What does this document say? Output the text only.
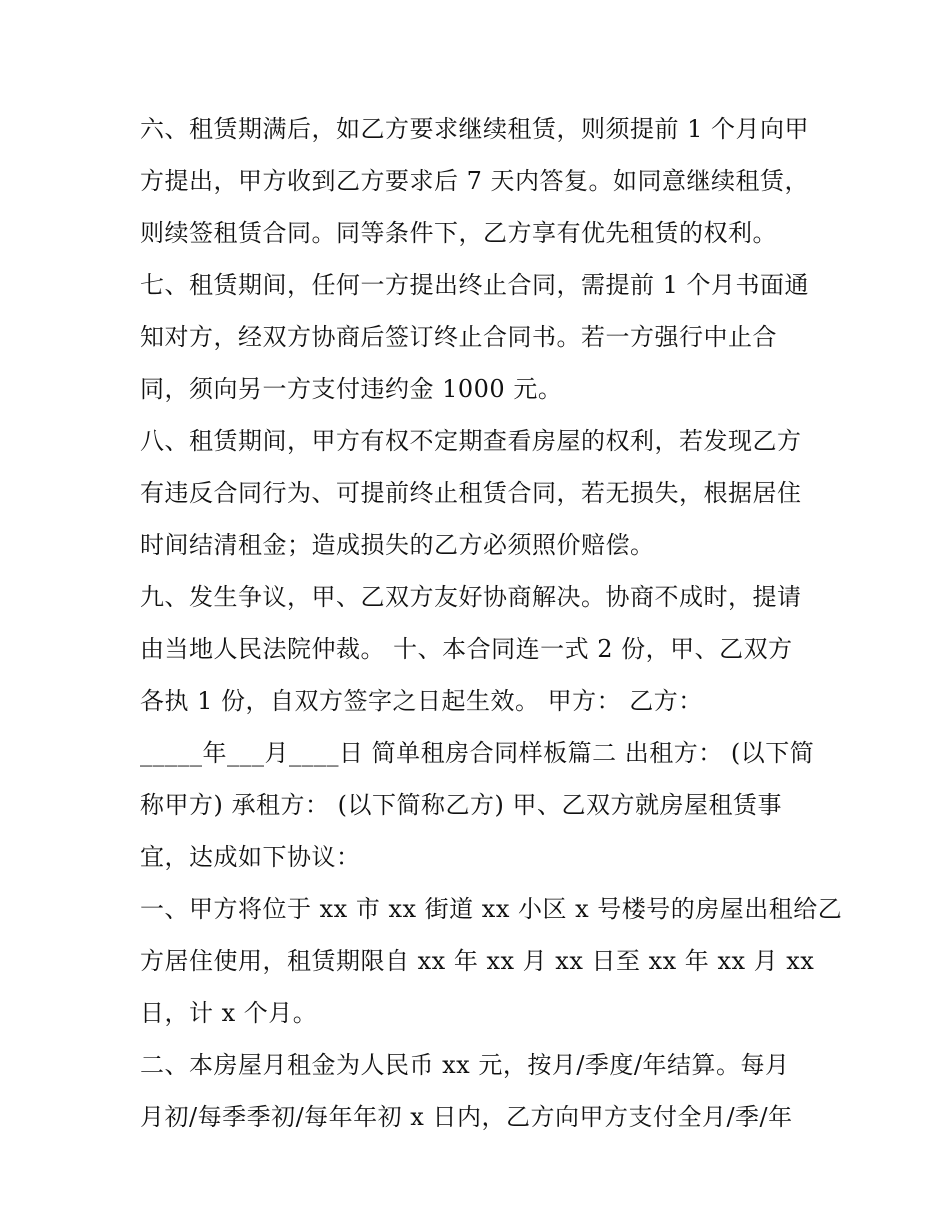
六、租赁期满后，如乙方要求继续租赁，则须提前 1 个月向甲
方提出，甲方收到乙方要求后 7 天内答复。如同意继续租赁，
则续签租赁合同。同等条件下，乙方享有优先租赁的权利。
七、租赁期间，任何一方提出终止合同，需提前 1 个月书面通
知对方，经双方协商后签订终止合同书。若一方强行中止合
同，须向另一方支付违约金 1000 元。
八、租赁期间，甲方有权不定期查看房屋的权利，若发现乙方
有违反合同行为、可提前终止租赁合同，若无损失，根据居住
时间结清租金；造成损失的乙方必须照价赔偿。
九、发生争议，甲、乙双方友好协商解决。协商不成时，提请
由当地人民法院仲裁。 十、本合同连一式 2 份，甲、乙双方
各执 1 份，自双方签字之日起生效。 甲方： 乙方：
_____年___月____日 简单租房合同样板篇二 出租方： (以下简
称甲方) 承租方： (以下简称乙方) 甲、乙双方就房屋租赁事
宜，达成如下协议：
一、甲方将位于 xx 市 xx 街道 xx 小区 x 号楼号的房屋出租给乙
方居住使用，租赁期限自 xx 年 xx 月 xx 日至 xx 年 xx 月 xx
日，计 x 个月。
二、本房屋月租金为人民币 xx 元，按月/季度/年结算。每月
月初/每季季初/每年年初 x 日内，乙方向甲方支付全月/季/年
